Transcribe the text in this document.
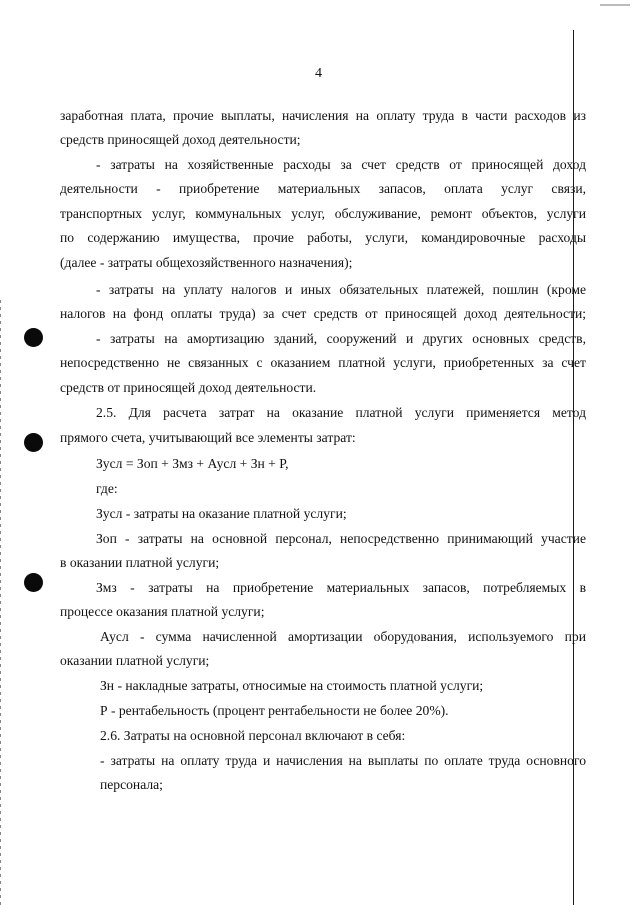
4
заработная плата, прочие выплаты, начисления на оплату труда в части расходов из
средств приносящей доход деятельности;
- затраты на хозяйственные расходы за счет средств от приносящей доход
деятельности - приобретение материальных запасов, оплата услуг связи,
транспортных услуг, коммунальных услуг, обслуживание, ремонт объектов, услуги
по содержанию имущества, прочие работы, услуги, командировочные расходы
(далее - затраты общехозяйственного назначения);
- затраты на уплату налогов и иных обязательных платежей, пошлин (кроме
налогов на фонд оплаты труда) за счет средств от приносящей доход деятельности;
- затраты на амортизацию зданий, сооружений и других основных средств,
непосредственно не связанных с оказанием платной услуги, приобретенных за счет
средств от приносящей доход деятельности.
2.5. Для расчета затрат на оказание платной услуги применяется метод
прямого счета, учитывающий все элементы затрат:
Зусл = Зоп + Змз + Аусл + Зн + Р,
где:
Зусл - затраты на оказание платной услуги;
Зоп - затраты на основной персонал, непосредственно принимающий участие
в оказании платной услуги;
Змз - затраты на приобретение материальных запасов, потребляемых в
процессе оказания платной услуги;
Аусл - сумма начисленной амортизации оборудования, используемого при
оказании платной услуги;
Зн - накладные затраты, относимые на стоимость платной услуги;
Р - рентабельность (процент рентабельности не более 20%).
2.6. Затраты на основной персонал включают в себя:
- затраты на оплату труда и начисления на выплаты по оплате труда основного
персонала;
